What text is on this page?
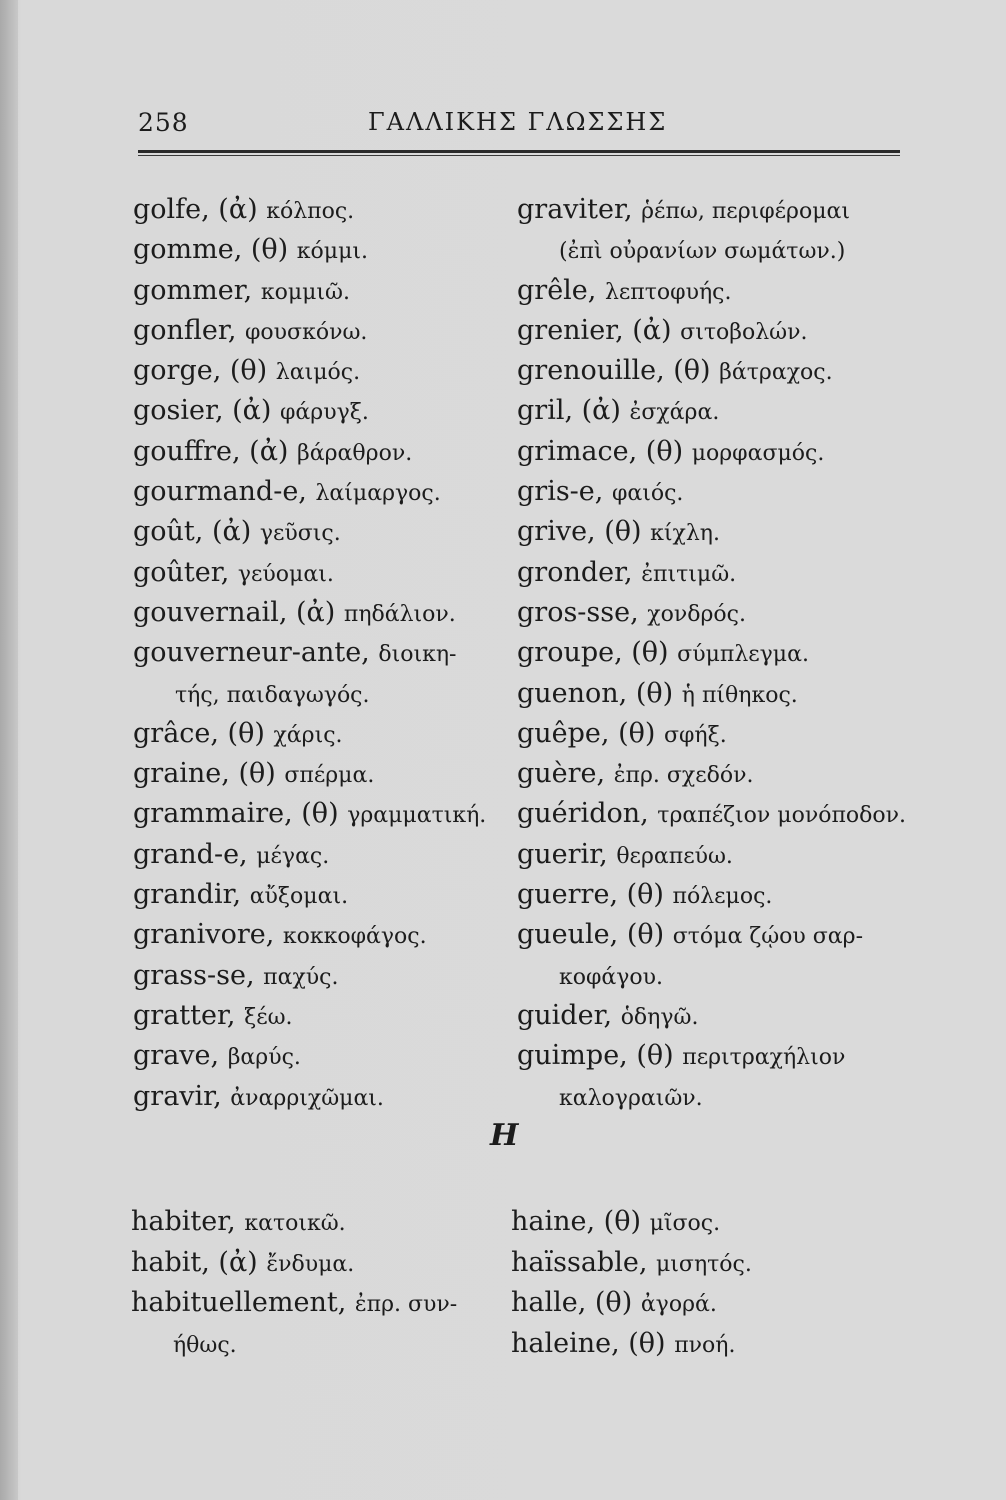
258	ΓΑΛΛΙΚΗΣ ΓΛΩΣΣΗΣ
golfe, (ἀ) κόλπος.
gomme, (θ) κόμμι.
gommer, κομμιῶ.
gonfler, φουσκόνω.
gorge, (θ) λαιμός.
gosier, (ἀ) φάρυγξ.
gouffre, (ἀ) βάραθρον.
gourmand-e, λαίμαργος.
goût, (ἀ) γεῦσις.
goûter, γεύομαι.
gouvernail, (ἀ) πηδάλιον.
gouverneur-ante, διοικη-
τής, παιδαγωγός.
grâce, (θ) χάρις.
graine, (θ) σπέρμα.
grammaire, (θ) γραμματική.
grand-e, μέγας.
grandir, αὔξομαι.
granivore, κοκκοφάγος.
grass-se, παχύς.
gratter, ξέω.
grave, βαρύς.
gravir, ἀναρριχῶμαι.
graviter, ῥέπω, περιφέρομαι
(ἐπὶ οὐρανίων σωμάτων.)
grêle, λεπτοφυής.
grenier, (ἀ) σιτοβολών.
grenouille, (θ) βάτραχος.
gril, (ἀ) ἐσχάρα.
grimace, (θ) μορφασμός.
gris-e, φαιός.
grive, (θ) κίχλη.
gronder, ἐπιτιμῶ.
gros-sse, χονδρός.
groupe, (θ) σύμπλεγμα.
guenon, (θ) ἡ πίθηκος.
guêpe, (θ) σφήξ.
guère, ἐπρ. σχεδόν.
guéridon, τραπέζιον μονόποδον.
guerir, θεραπεύω.
guerre, (θ) πόλεμος.
gueule, (θ) στόμα ζῴου σαρ-
κοφάγου.
guider, ὁδηγῶ.
guimpe, (θ) περιτραχήλιον
καλογραιῶν.
H
habiter, κατοικῶ.
habit, (ἀ) ἔνδυμα.
habituellement, ἐπρ. συν-
ήθως.
haine, (θ) μῖσος.
haïssable, μισητός.
halle, (θ) ἀγορά.
haleine, (θ) πνοή.
